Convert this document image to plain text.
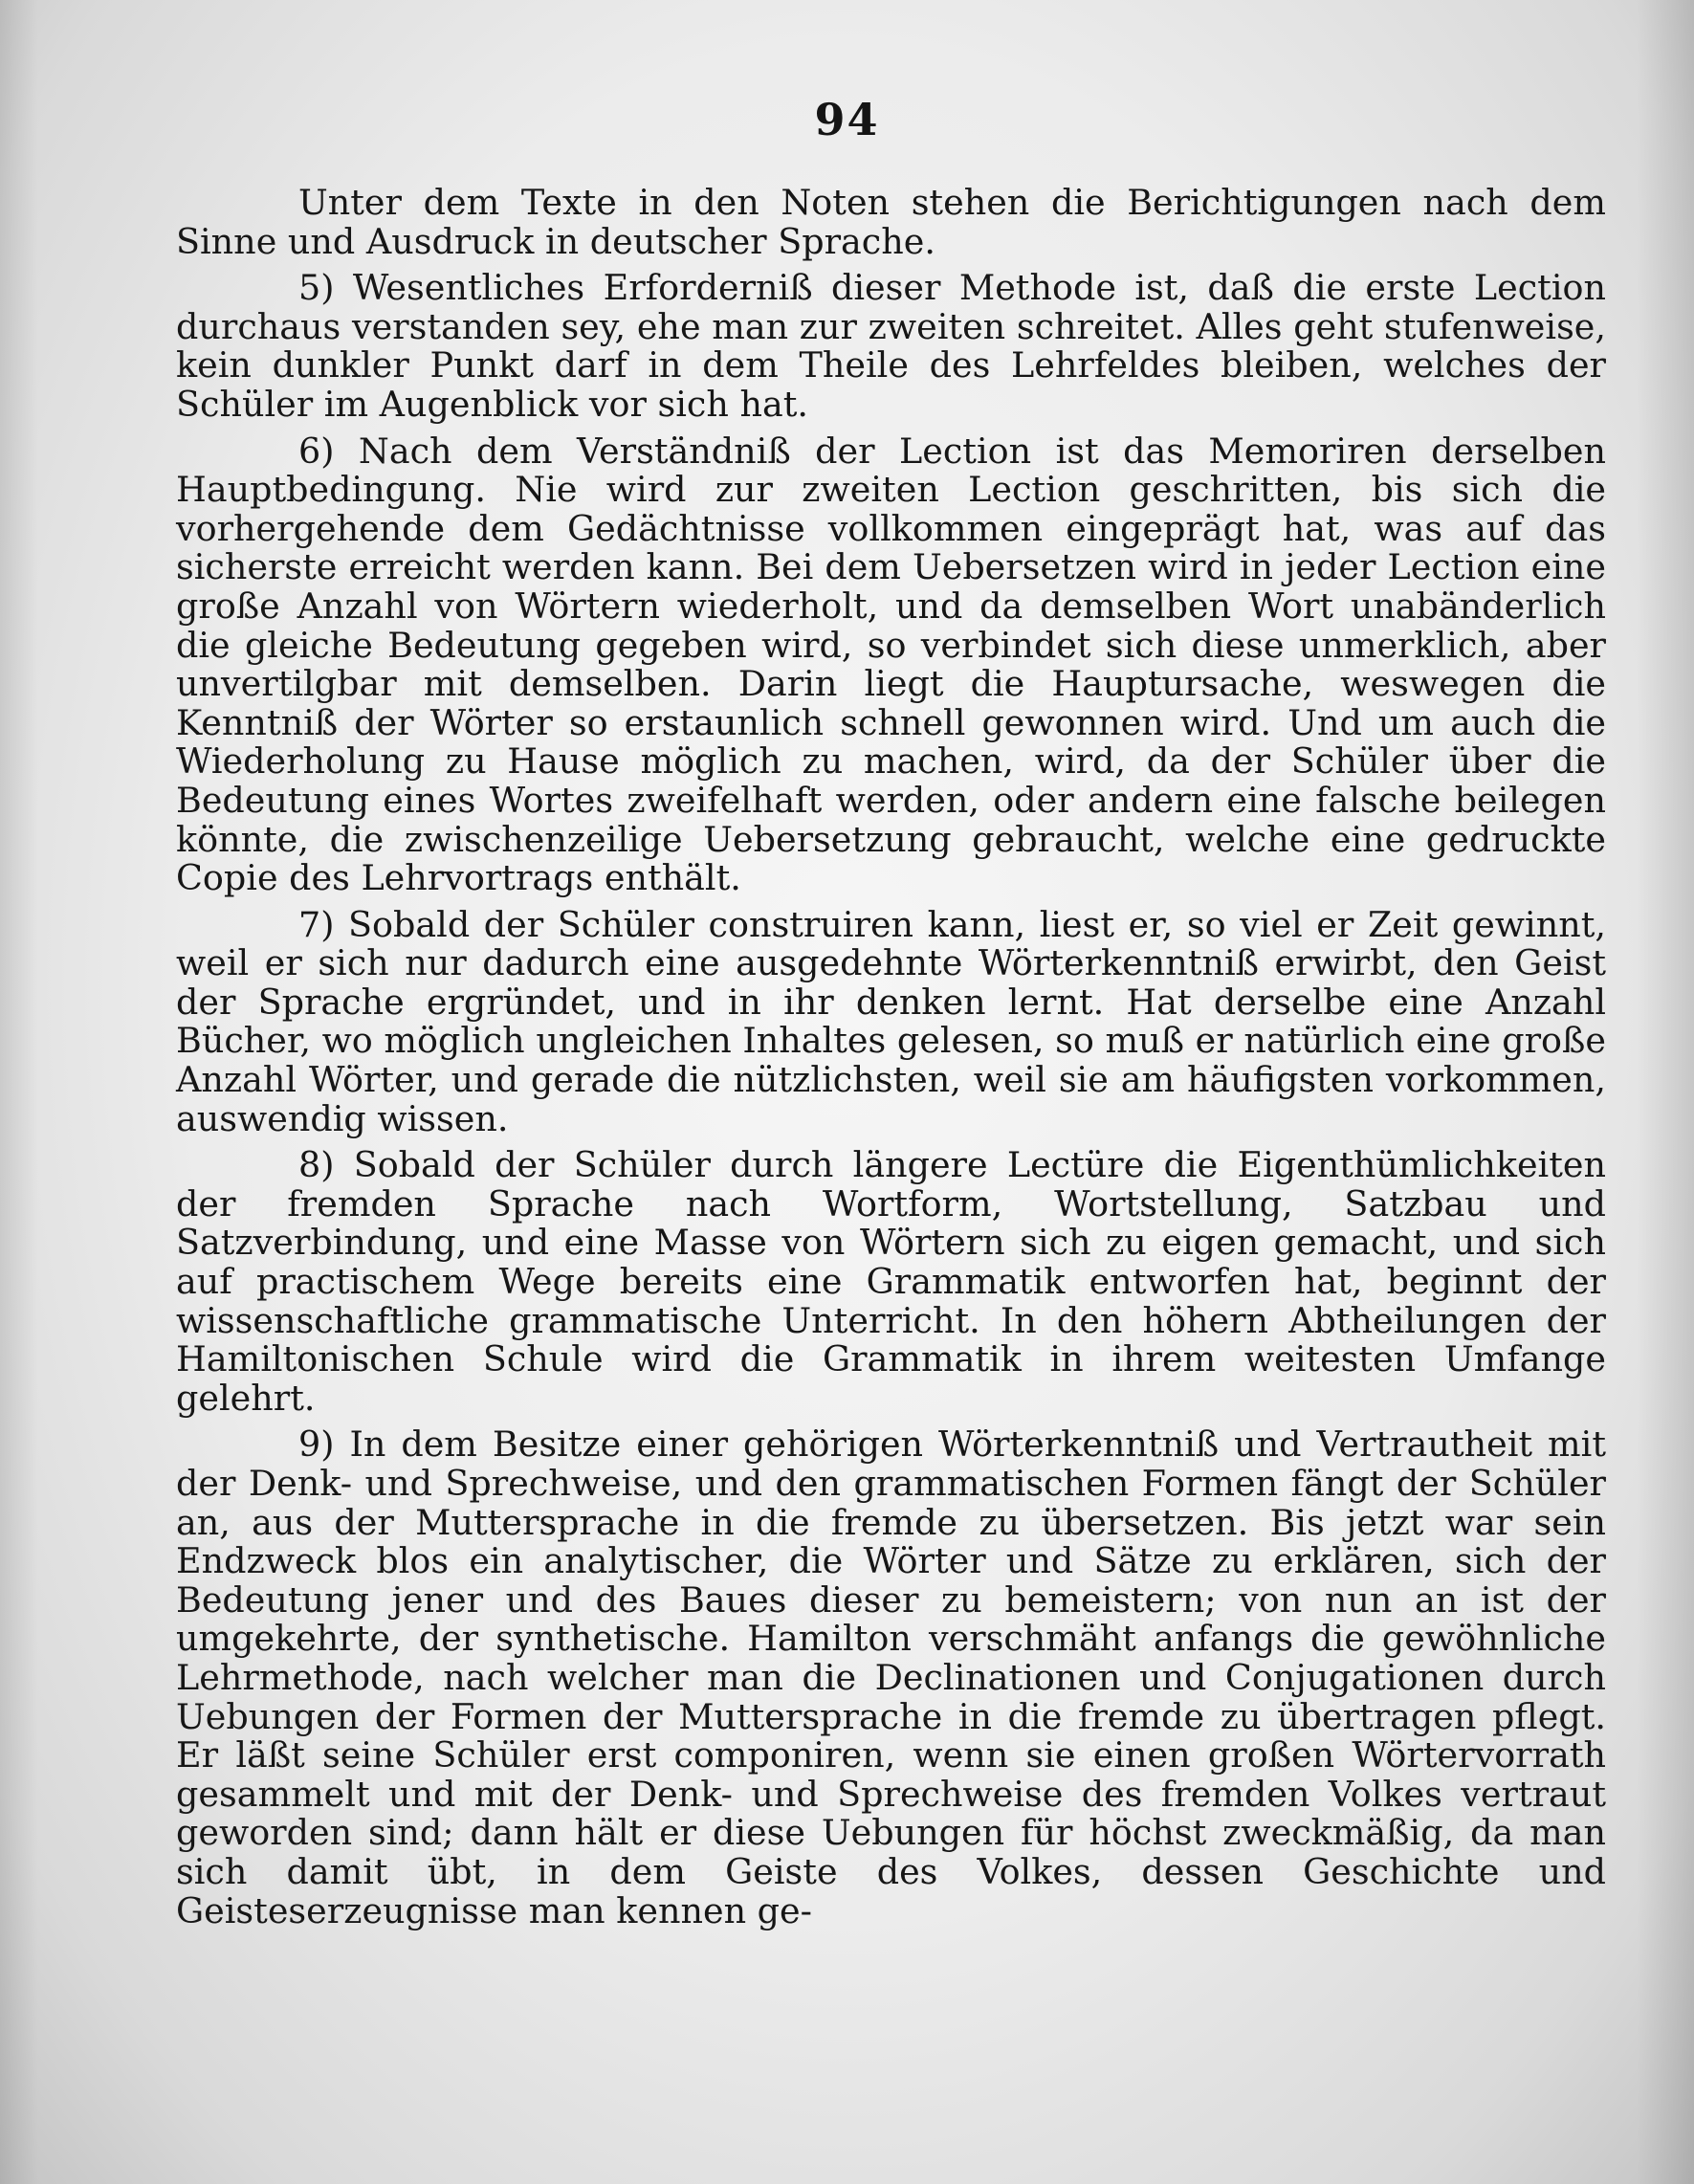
94

Unter dem Texte in den Noten stehen die Berichtigungen nach dem Sinne und Ausdruck in deutscher Sprache.

5) Wesentliches Erforderniß dieser Methode ist, daß die erste Lection durchaus verstanden sey, ehe man zur zweiten schreitet. Alles geht stufenweise, kein dunkler Punkt darf in dem Theile des Lehrfeldes bleiben, welches der Schüler im Augenblick vor sich hat.

6) Nach dem Verständniß der Lection ist das Memoriren derselben Hauptbedingung. Nie wird zur zweiten Lection geschritten, bis sich die vorhergehende dem Gedächtnisse vollkommen eingeprägt hat, was auf das sicherste erreicht werden kann. Bei dem Uebersetzen wird in jeder Lection eine große Anzahl von Wörtern wiederholt, und da demselben Wort unabänderlich die gleiche Bedeutung gegeben wird, so verbindet sich diese unmerklich, aber unvertilgbar mit demselben. Darin liegt die Hauptursache, weswegen die Kenntniß der Wörter so erstaunlich schnell gewonnen wird. Und um auch die Wiederholung zu Hause möglich zu machen, wird, da der Schüler über die Bedeutung eines Wortes zweifelhaft werden, oder andern eine falsche beilegen könnte, die zwischenzeilige Uebersetzung gebraucht, welche eine gedruckte Copie des Lehrvortrags enthält.

7) Sobald der Schüler construiren kann, liest er, so viel er Zeit gewinnt, weil er sich nur dadurch eine ausgedehnte Wörterkenntniß erwirbt, den Geist der Sprache ergründet, und in ihr denken lernt. Hat derselbe eine Anzahl Bücher, wo möglich ungleichen Inhaltes gelesen, so muß er natürlich eine große Anzahl Wörter, und gerade die nützlichsten, weil sie am häufigsten vorkommen, auswendig wissen.

8) Sobald der Schüler durch längere Lectüre die Eigenthümlichkeiten der fremden Sprache nach Wortform, Wortstellung, Satzbau und Satzverbindung, und eine Masse von Wörtern sich zu eigen gemacht, und sich auf practischem Wege bereits eine Grammatik entworfen hat, beginnt der wissenschaftliche grammatische Unterricht. In den höhern Abtheilungen der Hamiltonischen Schule wird die Grammatik in ihrem weitesten Umfange gelehrt.

9) In dem Besitze einer gehörigen Wörterkenntniß und Vertrautheit mit der Denk- und Sprechweise, und den grammatischen Formen fängt der Schüler an, aus der Muttersprache in die fremde zu übersetzen. Bis jetzt war sein Endzweck blos ein analytischer, die Wörter und Sätze zu erklären, sich der Bedeutung jener und des Baues dieser zu bemeistern; von nun an ist der umgekehrte, der synthetische. Hamilton verschmäht anfangs die gewöhnliche Lehrmethode, nach welcher man die Declinationen und Conjugationen durch Uebungen der Formen der Muttersprache in die fremde zu übertragen pflegt. Er läßt seine Schüler erst componiren, wenn sie einen großen Wörtervorrath gesammelt und mit der Denk- und Sprechweise des fremden Volkes vertraut geworden sind; dann hält er diese Uebungen für höchst zweckmäßig, da man sich damit übt, in dem Geiste des Volkes, dessen Geschichte und Geisteserzeugnisse man kennen ge-
